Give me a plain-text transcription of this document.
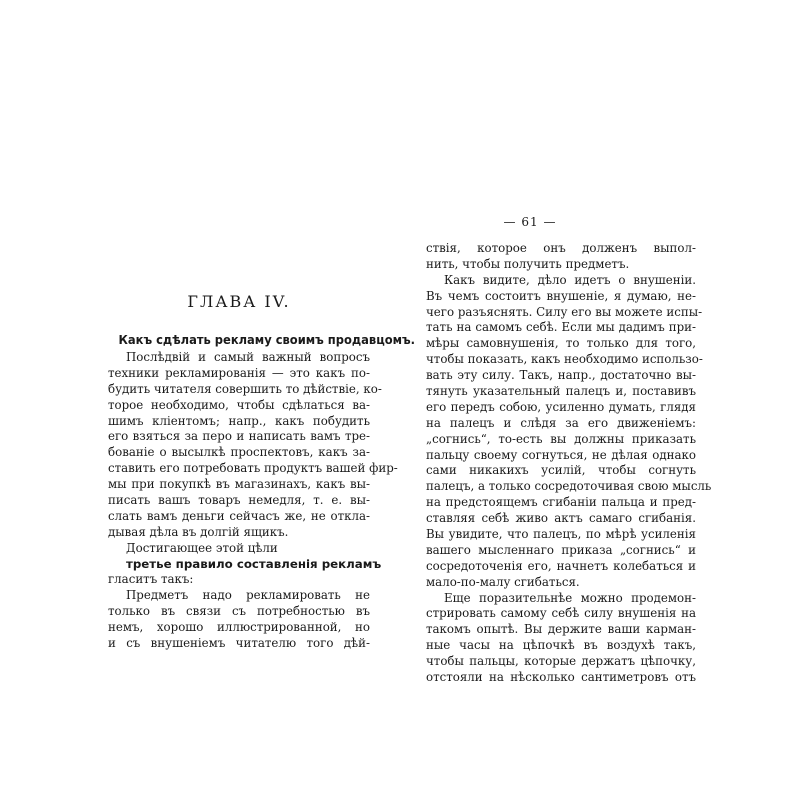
— 61 —
ГЛАВА IV.
Какъ сдѣлать рекламу своимъ продавцомъ.
Послѣдвій и самый важный вопросъ
техники рекламированія — это какъ по-
будить читателя совершить то дѣйствіе, ко-
торое необходимо, чтобы сдѣлаться ва-
шимъ кліентомъ; напр., какъ побудить
его взяться за перо и написать вамъ тре-
бованіе о высылкѣ проспектовъ, какъ за-
ставить его потребовать продуктъ вашей фир-
мы при покупкѣ въ магазинахъ, какъ вы-
писать вашъ товаръ немедля, т. е. вы-
слать вамъ деньги сейчасъ же, не откла-
дывая дѣла въ долгій ящикъ.
Достигающее этой цѣли
третье правило составленія рекламъ
гласитъ такъ:
Предметъ надо рекламировать не
только въ связи съ потребностью въ
немъ, хорошо иллюстрированной, но
и съ внушеніемъ читателю того дѣй-
ствія, которое онъ долженъ выпол-
нить, чтобы получить предметъ.
Какъ видите, дѣло идетъ о внушеніи.
Въ чемъ состоитъ внушеніе, я думаю, не-
чего разъяснять. Силу его вы можете испы-
тать на самомъ себѣ. Если мы дадимъ при-
мѣры самовнушенія, то только для того,
чтобы показать, какъ необходимо использо-
вать эту силу. Такъ, напр., достаточно вы-
тянуть указательный палецъ и, поставивъ
его передъ собою, усиленно думать, глядя
на палецъ и слѣдя за его движеніемъ:
„согнись“, то-есть вы должны приказать
пальцу своему согнуться, не дѣлая однако
сами никакихъ усилій, чтобы согнуть
палецъ, а только сосредоточивая свою мысль
на предстоящемъ сгибаніи пальца и пред-
ставляя себѣ живо актъ самаго сгибанія.
Вы увидите, что палецъ, по мѣрѣ усиленія
вашего мысленнаго приказа „согнись“ и
сосредоточенія его, начнетъ колебаться и
мало-по-малу сгибаться.
Еще поразительнѣе можно продемон-
стрировать самому себѣ силу внушенія на
такомъ опытѣ. Вы держите ваши карман-
ные часы на цѣпочкѣ въ воздухѣ такъ,
чтобы пальцы, которые держатъ цѣпочку,
отстояли на нѣсколько сантиметровъ отъ
